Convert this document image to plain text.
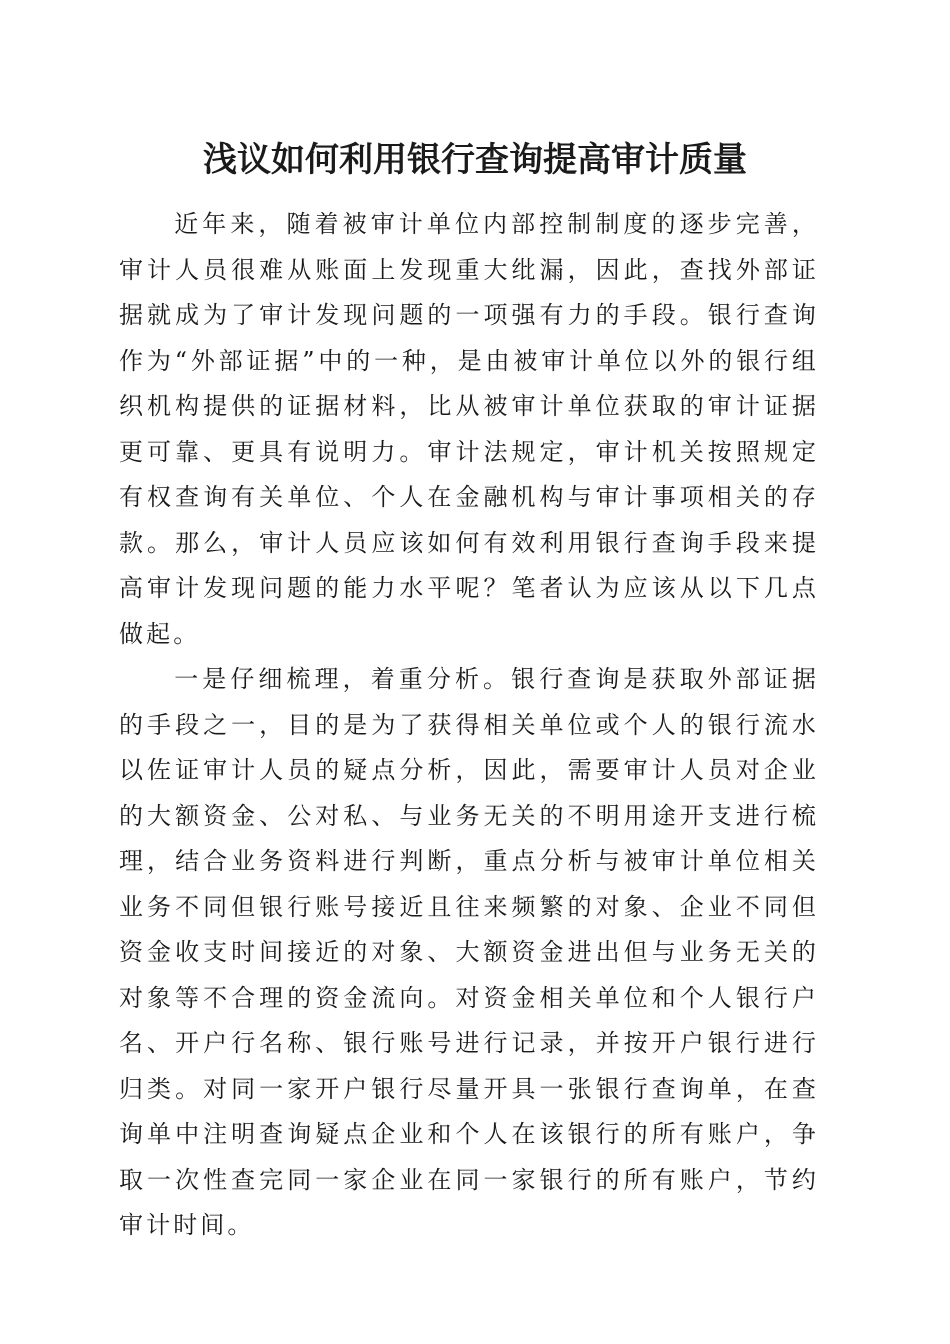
浅议如何利用银行查询提高审计质量

近年来，随着被审计单位内部控制制度的逐步完善，审计人员很难从账面上发现重大纰漏，因此，查找外部证据就成为了审计发现问题的一项强有力的手段。银行查询作为“外部证据”中的一种，是由被审计单位以外的银行组织机构提供的证据材料，比从被审计单位获取的审计证据更可靠、更具有说明力。审计法规定，审计机关按照规定有权查询有关单位、个人在金融机构与审计事项相关的存款。那么，审计人员应该如何有效利用银行查询手段来提高审计发现问题的能力水平呢？笔者认为应该从以下几点做起。

一是仔细梳理，着重分析。银行查询是获取外部证据的手段之一，目的是为了获得相关单位或个人的银行流水以佐证审计人员的疑点分析，因此，需要审计人员对企业的大额资金、公对私、与业务无关的不明用途开支进行梳理，结合业务资料进行判断，重点分析与被审计单位相关业务不同但银行账号接近且往来频繁的对象、企业不同但资金收支时间接近的对象、大额资金进出但与业务无关的对象等不合理的资金流向。对资金相关单位和个人银行户名、开户行名称、银行账号进行记录，并按开户银行进行归类。对同一家开户银行尽量开具一张银行查询单，在查询单中注明查询疑点企业和个人在该银行的所有账户，争取一次性查完同一家企业在同一家银行的所有账户，节约审计时间。
